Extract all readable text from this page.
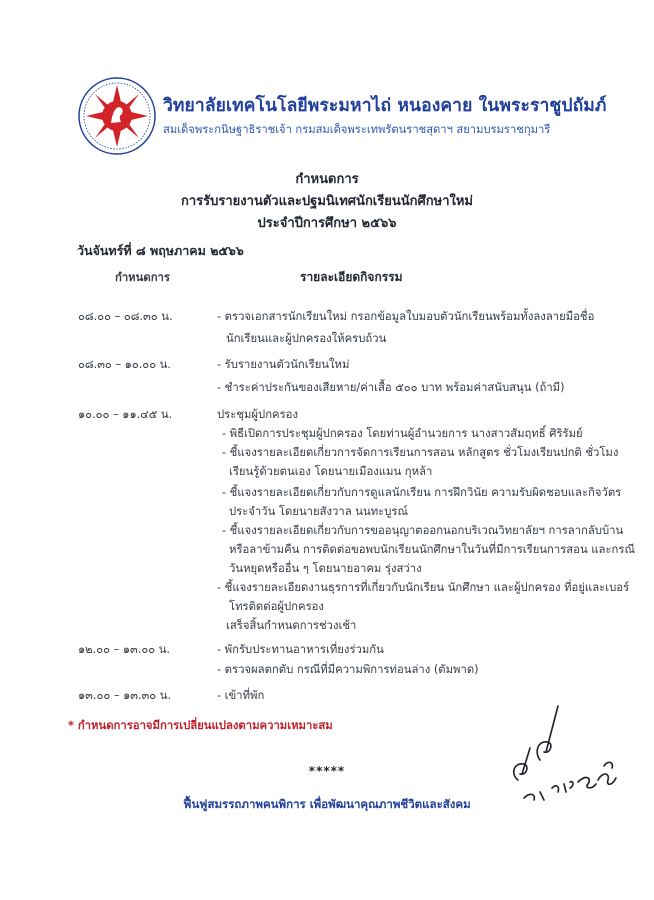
วิทยาลัยเทคโนโลยีพระมหาไถ่ หนองคาย ในพระราชูปถัมภ์
สมเด็จพระกนิษฐาธิราชเจ้า กรมสมเด็จพระเทพรัตนราชสุดาฯ สยามบรมราชกุมารี
กำหนดการ
การรับรายงานตัวและปฐมนิเทศนักเรียนนักศึกษาใหม่
ประจำปีการศึกษา ๒๕๖๖
วันจันทร์ที่ ๘ พฤษภาคม ๒๕๖๖
กำหนดการ	รายละเอียดกิจกรรม
๐๘.๐๐ – ๐๘.๓๐ น.	- ตรวจเอกสารนักเรียนใหม่ กรอกข้อมูลใบมอบตัวนักเรียนพร้อมทั้งลงลายมือชื่อ
นักเรียนและผู้ปกครองให้ครบถ้วน
๐๘.๓๐ – ๑๐.๐๐ น.	- รับรายงานตัวนักเรียนใหม่
- ชำระค่าประกันของเสียหาย/ค่าเสื้อ ๕๐๐ บาท พร้อมค่าสนับสนุน (ถ้ามี)
๑๐.๐๐ – ๑๑.๔๕ น.	ประชุมผู้ปกครอง
- พิธีเปิดการประชุมผู้ปกครอง โดยท่านผู้อำนวยการ นางสาวสัมฤทธิ์ ศิริรัมย์
- ชี้แจงรายละเอียดเกี่ยวการจัดการเรียนการสอน หลักสูตร ชั่วโมงเรียนปกติ ชั่วโมง
เรียนรู้ด้วยตนเอง โดยนายเมืองแมน กุหล้า
- ชี้แจงรายละเอียดเกี่ยวกับการดูแลนักเรียน การฝึกวินัย ความรับผิดชอบและกิจวัตร
ประจำวัน โดยนายสังวาล นนทะบูรณ์
- ชี้แจงรายละเอียดเกี่ยวกับการขออนุญาตออกนอกบริเวณวิทยาลัยฯ การลากลับบ้าน
หรือลาข้ามคืน การติดต่อขอพบนักเรียนนักศึกษาในวันที่มีการเรียนการสอน และกรณี
วันหยุดหรืออื่น ๆ โดยนายอาคม รุ่งสว่าง
- ชี้แจงรายละเอียดงานธุรการที่เกี่ยวกับนักเรียน นักศึกษา และผู้ปกครอง ที่อยู่และเบอร์
โทรติดต่อผู้ปกครอง
เสร็จสิ้นกำหนดการช่วงเช้า
๑๒.๐๐ – ๑๓.๐๐ น.	- พักรับประทานอาหารเที่ยงร่วมกัน
- ตรวจผลตกตับ กรณีที่มีความพิการท่อนล่าง (ตัมพาด)
๑๓.๐๐ – ๑๓.๓๐ น.	- เข้าที่พัก
* กำหนดการอาจมีการเปลี่ยนแปลงตามความเหมาะสม
*****
ฟื้นฟูสมรรถภาพคนพิการ เพื่อพัฒนาคุณภาพชีวิตและสังคม
